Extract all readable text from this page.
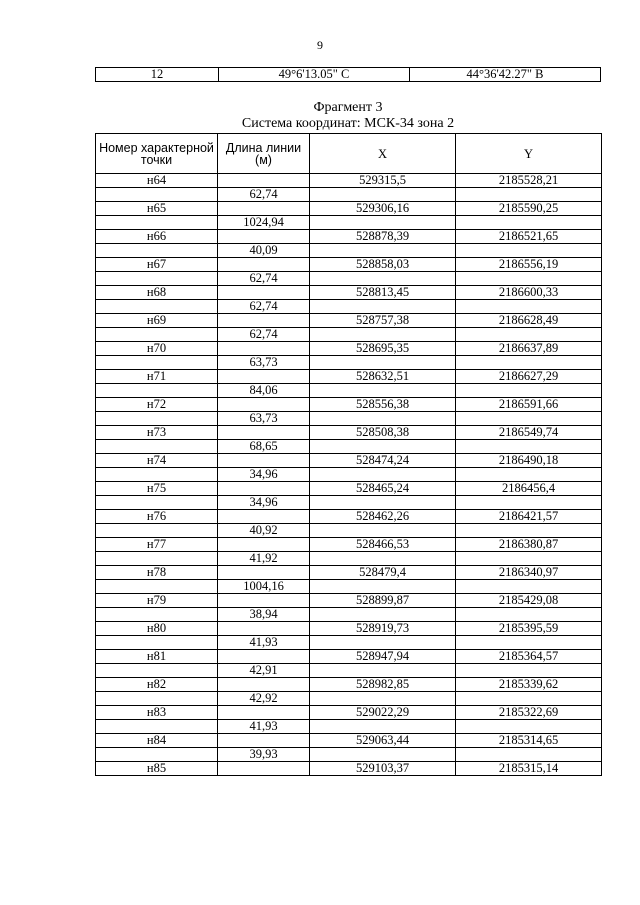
9
12	49°6'13.05" С	44°36'42.27" В
Фрагмент 3
Система координат: МСК-34 зона 2
Номер характерной точки	Длина линии (м)	X	Y
н64		529315,5	2185528,21
	62,74		
н65		529306,16	2185590,25
	1024,94		
н66		528878,39	2186521,65
	40,09		
н67		528858,03	2186556,19
	62,74		
н68		528813,45	2186600,33
	62,74		
н69		528757,38	2186628,49
	62,74		
н70		528695,35	2186637,89
	63,73		
н71		528632,51	2186627,29
	84,06		
н72		528556,38	2186591,66
	63,73		
н73		528508,38	2186549,74
	68,65		
н74		528474,24	2186490,18
	34,96		
н75		528465,24	2186456,4
	34,96		
н76		528462,26	2186421,57
	40,92		
н77		528466,53	2186380,87
	41,92		
н78		528479,4	2186340,97
	1004,16		
н79		528899,87	2185429,08
	38,94		
н80		528919,73	2185395,59
	41,93		
н81		528947,94	2185364,57
	42,91		
н82		528982,85	2185339,62
	42,92		
н83		529022,29	2185322,69
	41,93		
н84		529063,44	2185314,65
	39,93		
н85		529103,37	2185315,14
